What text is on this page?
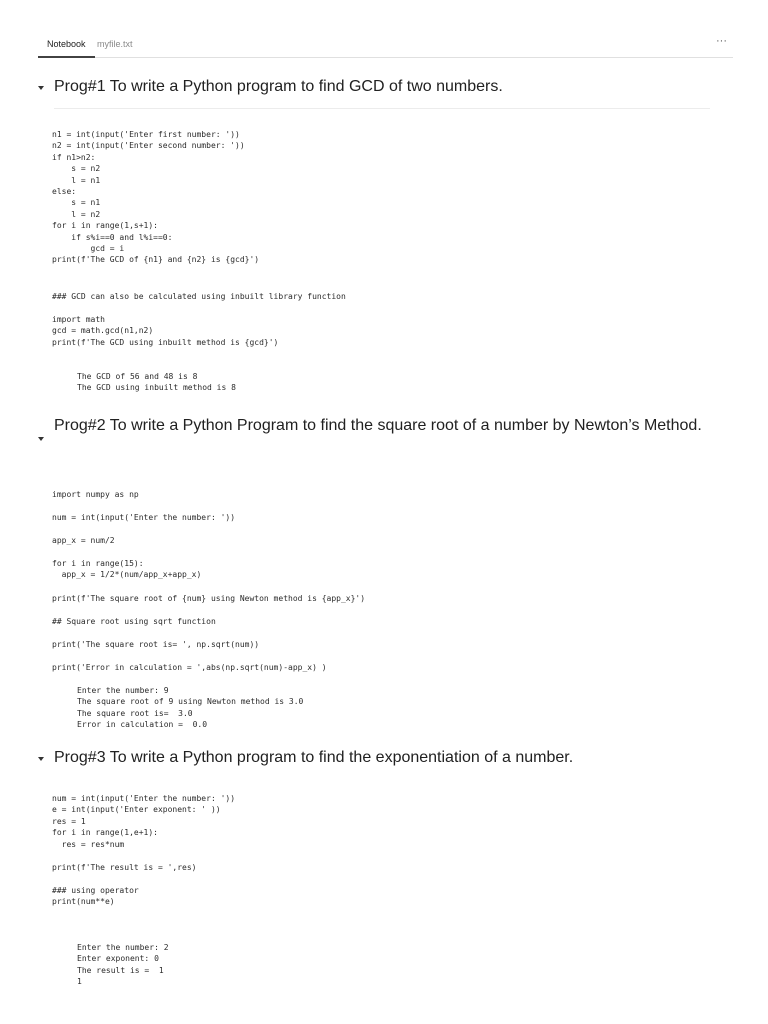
Notebook	myfile.txt	···
Prog#1 To write a Python program to find GCD of two numbers.
n1 = int(input('Enter first number: '))
n2 = int(input('Enter second number: '))
if n1>n2:
s = n2
l = n1
else:
s = n1
l = n2
for i in range(1,s+1):
if s%i==0 and l%i==0:
gcd = i
print(f'The GCD of {n1} and {n2} is {gcd}')
### GCD can also be calculated using inbuilt library function
import math
gcd = math.gcd(n1,n2)
print(f'The GCD using inbuilt method is {gcd}')
The GCD of 56 and 48 is 8
The GCD using inbuilt method is 8
Prog#2 To write a Python Program to find the square root of a number by Newton’s Method.
import numpy as np
num = int(input('Enter the number: '))
app_x = num/2
for i in range(15):
app_x = 1/2*(num/app_x+app_x)
print(f'The square root of {num} using Newton method is {app_x}')
## Square root using sqrt function
print('The square root is= ', np.sqrt(num))
print('Error in calculation = ',abs(np.sqrt(num)-app_x) )
Enter the number: 9
The square root of 9 using Newton method is 3.0
The square root is=  3.0
Error in calculation =  0.0
Prog#3 To write a Python program to find the exponentiation of a number.
num = int(input('Enter the number: '))
e = int(input('Enter exponent: ' ))
res = 1
for i in range(1,e+1):
res = res*num
print(f'The result is = ',res)
### using operator
print(num**e)
Enter the number: 2
Enter exponent: 0
The result is =  1
1
